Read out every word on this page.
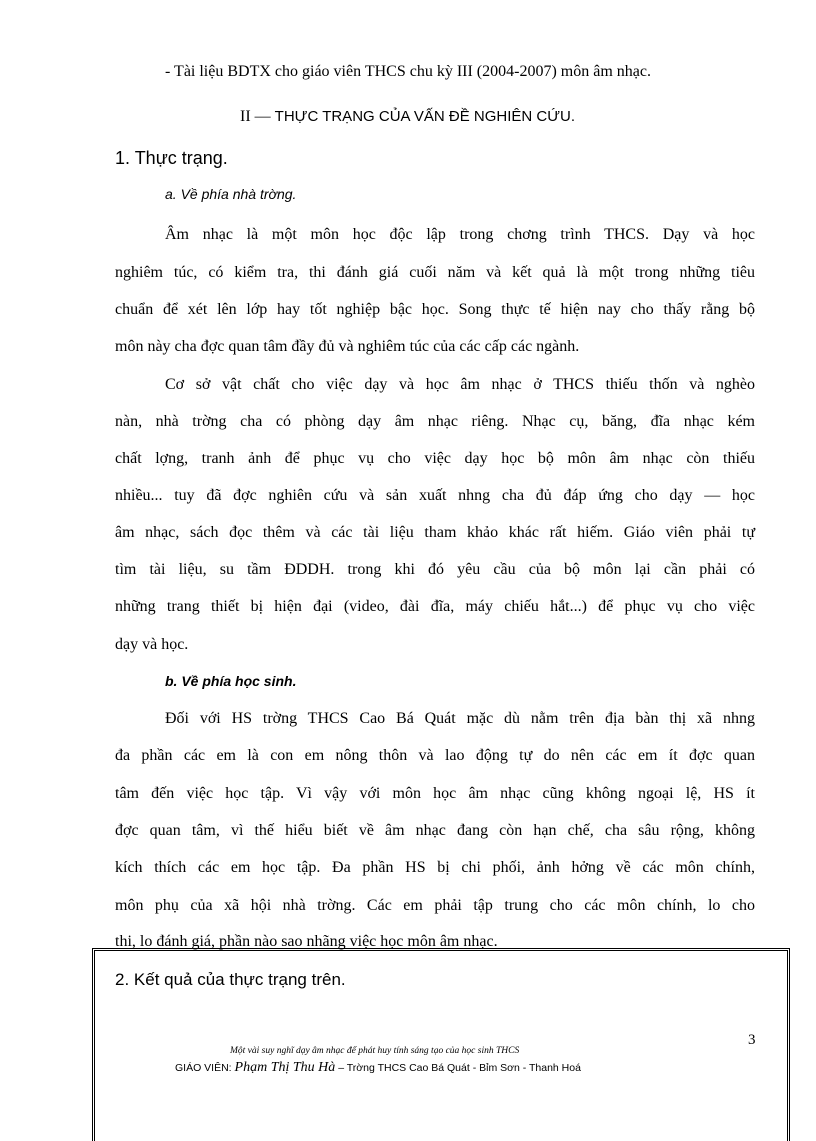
- Tài liệu BDTX cho giáo viên THCS chu kỳ III (2004-2007) môn âm nhạc.
II — THỰC TRẠNG CỦA VẤN ĐỀ NGHIÊN CỨU.
1. Thực trạng.
a. Về phía nhà trờng.
Âm nhạc là một môn học độc lập trong chơng trình THCS. Dạy và học
nghiêm túc, có kiểm tra, thi đánh giá cuối năm và kết quả là một trong những tiêu
chuẩn để xét lên lớp hay tốt nghiệp bậc học. Song thực tế hiện nay cho thấy rằng bộ
môn này cha đợc quan tâm đầy đủ và nghiêm túc của các cấp các ngành.
Cơ sở vật chất cho việc dạy và học âm nhạc ở THCS thiếu thốn và nghèo
nàn, nhà trờng cha có phòng dạy âm nhạc riêng. Nhạc cụ, băng, đĩa nhạc kém
chất lợng, tranh ảnh để phục vụ cho việc dạy học bộ môn âm nhạc còn thiếu
nhiều... tuy đã đợc nghiên cứu và sản xuất nhng cha đủ đáp ứng cho dạy — học
âm nhạc, sách đọc thêm và các tài liệu tham khảo khác rất hiếm. Giáo viên phải tự
tìm tài liệu, su tầm ĐDDH. trong khi đó yêu cầu của bộ môn lại cần phải có
những trang thiết bị hiện đại (video, đài đĩa, máy chiếu hắt...) để phục vụ cho việc
dạy và học.
b. Về phía học sinh.
Đối với HS trờng THCS Cao Bá Quát mặc dù nằm trên địa bàn thị xã nhng
đa phần các em là con em nông thôn và lao động tự do nên các em ít đợc quan
tâm đến việc học tập. Vì vậy với môn học âm nhạc cũng không ngoại lệ, HS ít
đợc quan tâm, vì thế hiểu biết về âm nhạc đang còn hạn chế, cha sâu rộng, không
kích thích các em học tập. Đa phần HS bị chi phối, ảnh hởng về các môn chính,
môn phụ của xã hội nhà trờng. Các em phải tập trung cho các môn chính, lo cho
thi, lo đánh giá, phần nào sao nhãng việc học môn âm nhạc.
2. Kết quả của thực trạng trên.
3
Một vài suy nghĩ dạy âm nhạc để phát huy tính sáng tạo của học sinh THCS
GIÁO VIÊN: Phạm Thị Thu Hà – Trờng THCS Cao Bá Quát - Bỉm Sơn - Thanh Hoá
